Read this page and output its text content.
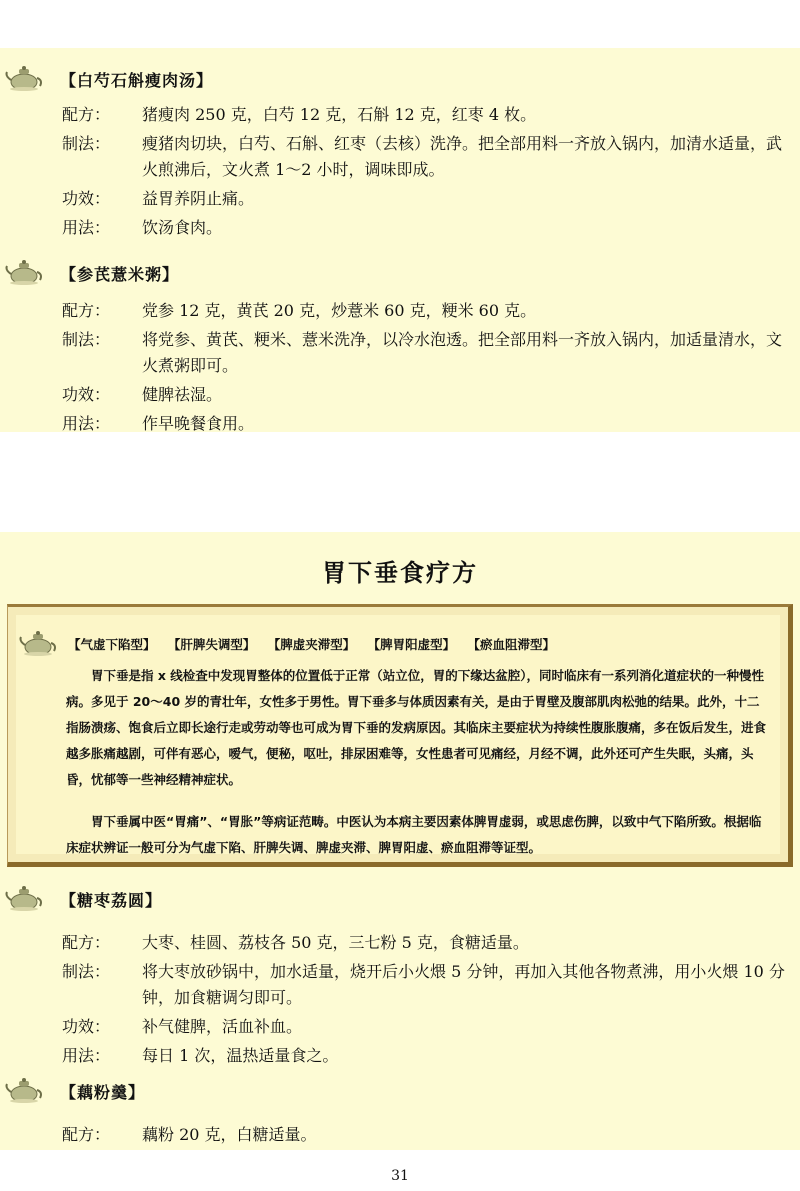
【白芍石斛瘦肉汤】
配方：	猪瘦肉 250 克，白芍 12 克，石斛 12 克，红枣 4 枚。
制法：	瘦猪肉切块，白芍、石斛、红枣（去核）洗净。把全部用料一齐放入锅内，加清水适量，武火煎沸后，文火煮 1～2 小时，调味即成。
功效：	益胃养阴止痛。
用法：	饮汤食肉。
【参芪薏米粥】
配方：	党参 12 克，黄芪 20 克，炒薏米 60 克，粳米 60 克。
制法：	将党参、黄芪、粳米、薏米洗净，以冷水泡透。把全部用料一齐放入锅内，加适量清水，文火煮粥即可。
功效：	健脾祛湿。
用法：	作早晚餐食用。
胃下垂食疗方
【气虚下陷型】 【肝脾失调型】 【脾虚夹滞型】 【脾胃阳虚型】 【瘀血阻滞型】
胃下垂是指 x 线检查中发现胃整体的位置低于正常（站立位，胃的下缘达盆腔），同时临床有一系列消化道症状的一种慢性病。多见于 20～40 岁的青壮年，女性多于男性。胃下垂多与体质因素有关，是由于胃壁及腹部肌肉松弛的结果。此外，十二指肠溃疡、饱食后立即长途行走或劳动等也可成为胃下垂的发病原因。其临床主要症状为持续性腹胀腹痛，多在饭后发生，进食越多胀痛越剧，可伴有恶心，嗳气，便秘，呕吐，排尿困难等，女性患者可见痛经，月经不调，此外还可产生失眠，头痛，头昏，忧郁等一些神经精神症状。
胃下垂属中医“胃痛”、“胃胀”等病证范畴。中医认为本病主要因素体脾胃虚弱，或思虑伤脾，以致中气下陷所致。根据临床症状辨证一般可分为气虚下陷、肝脾失调、脾虚夹滞、脾胃阳虚、瘀血阻滞等证型。
【糖枣荔圆】
配方：	大枣、桂圆、荔枝各 50 克，三七粉 5 克，食糖适量。
制法：	将大枣放砂锅中，加水适量，烧开后小火煨 5 分钟，再加入其他各物煮沸，用小火煨 10 分钟，加食糖调匀即可。
功效：	补气健脾，活血补血。
用法：	每日 1 次，温热适量食之。
【藕粉羹】
配方：	藕粉 20 克，白糖适量。
31
